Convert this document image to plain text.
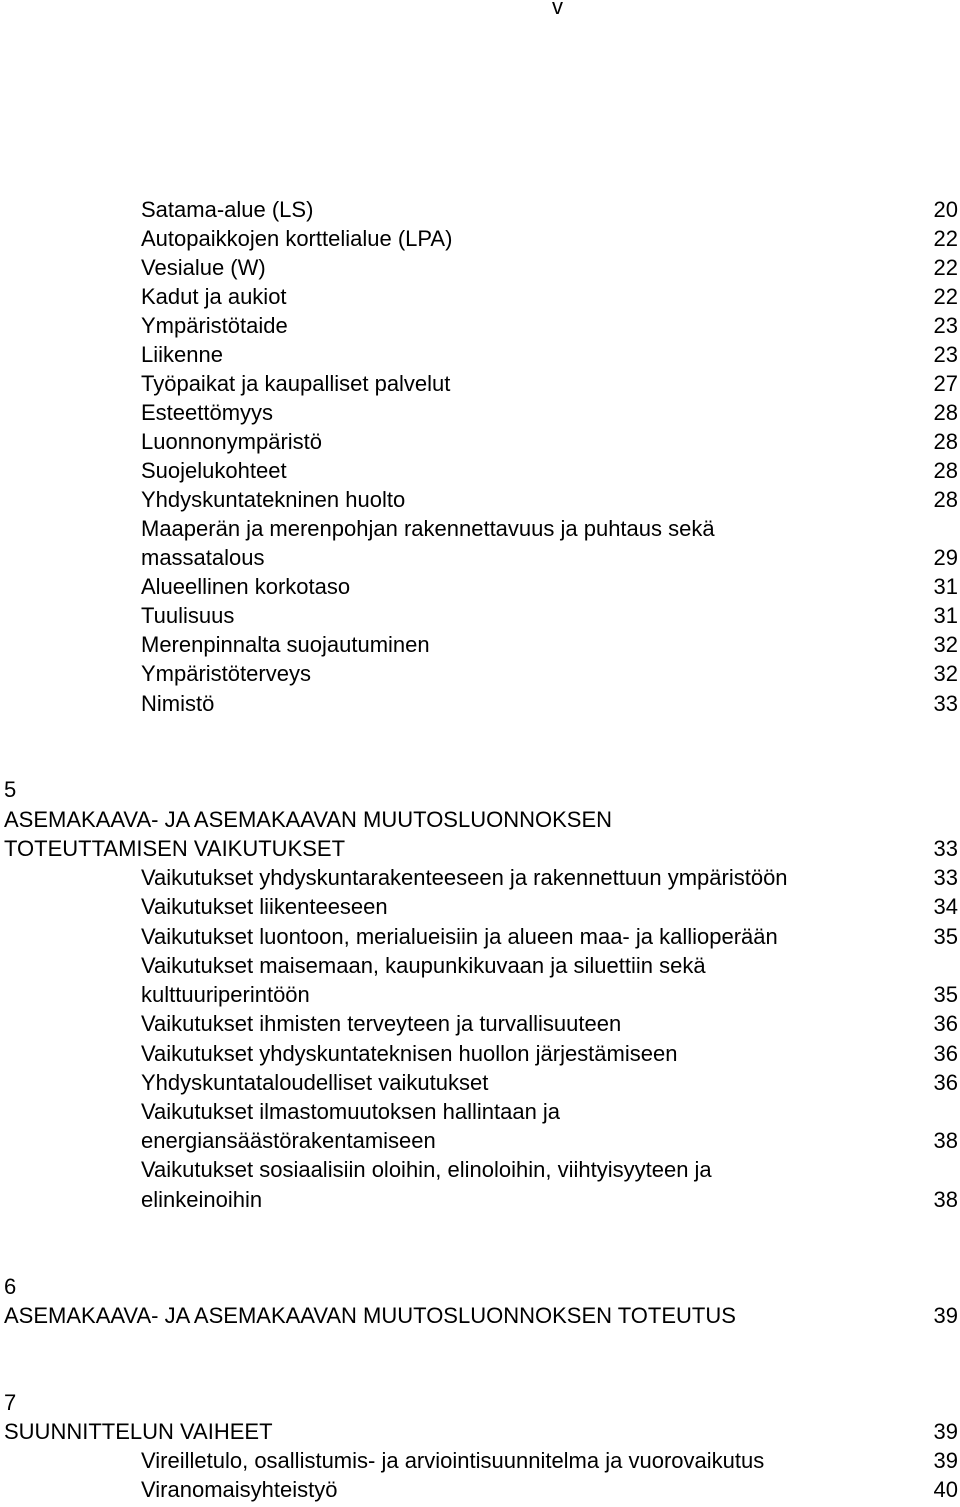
v
Satama-alue (LS)	20
Autopaikkojen korttelialue (LPA)	22
Vesialue (W)	22
Kadut ja aukiot	22
Ympäristötaide	23
Liikenne	23
Työpaikat ja kaupalliset palvelut	27
Esteettömyys	28
Luonnonympäristö	28
Suojelukohteet	28
Yhdyskuntatekninen huolto	28
Maaperän ja merenpohjan rakennettavuus ja puhtaus sekä
massatalous	29
Alueellinen korkotaso	31
Tuulisuus	31
Merenpinnalta suojautuminen	32
Ympäristöterveys	32
Nimistö	33
5
ASEMAKAAVA- JA ASEMAKAAVAN MUUTOSLUONNOKSEN
TOTEUTTAMISEN VAIKUTUKSET	33
Vaikutukset yhdyskuntarakenteeseen ja rakennettuun ympäristöön	33
Vaikutukset liikenteeseen	34
Vaikutukset luontoon, merialueisiin ja alueen maa- ja kallioperään	35
Vaikutukset maisemaan, kaupunkikuvaan ja siluettiin sekä
kulttuuriperintöön	35
Vaikutukset ihmisten terveyteen ja turvallisuuteen	36
Vaikutukset yhdyskuntateknisen huollon järjestämiseen	36
Yhdyskuntataloudelliset vaikutukset	36
Vaikutukset ilmastomuutoksen hallintaan ja
energiansäästörakentamiseen	38
Vaikutukset sosiaalisiin oloihin, elinoloihin, viihtyisyyteen ja
elinkeinoihin	38
6
ASEMAKAAVA- JA ASEMAKAAVAN MUUTOSLUONNOKSEN TOTEUTUS	39
7
SUUNNITTELUN VAIHEET	39
Vireilletulo, osallistumis- ja arviointisuunnitelma ja vuorovaikutus	39
Viranomaisyhteistyö	40
